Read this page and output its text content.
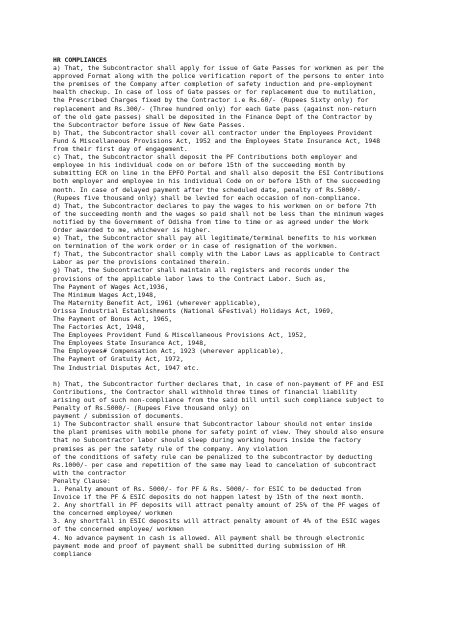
HR COMPLIANCES
a) That, the Subcontractor shall apply for issue of Gate Passes for workmen as per the
approved Format along with the police verification report of the persons to enter into
the premises of the Company after completion of safety induction and pre-employment
health checkup. In case of loss of Gate passes or for replacement due to mutilation,
the Prescribed Charges fixed by the Contractor i.e Rs.60/- (Rupees Sixty only) for
replacement and Rs.300/- (Three hundred only) for each Gate pass (against non-return
of the old gate passes) shall be deposited in the Finance Dept of the Contractor by
the Subcontractor before issue of New Gate Passes.
b) That, the Subcontractor shall cover all contractor under the Employees Provident
Fund & Miscellaneous Provisions Act, 1952 and the Employees State Insurance Act, 1948
from their first day of engagement.
c) That, the Subcontractor shall deposit the PF Contributions both employer and
employee in his individual code on or before 15th of the succeeding month by
submitting ECR on line in the EPFO Portal and shall also deposit the ESI Contributions
both employer and employee in his individual Code on or before 15th of the succeeding
month. In case of delayed payment after the scheduled date, penalty of Rs.5000/-
(Rupees five thousand only) shall be levied for each occasion of non-compliance.
d) That, the Subcontractor declares to pay the wages to his workmen on or before 7th
of the succeeding month and the wages so paid shall not be less than the minimum wages
notified by the Government of Odisha from time to time or as agreed under the Work
Order awarded to me, whichever is higher.
e) That, the Subcontractor shall pay all legitimate/terminal benefits to his workmen
on termination of the work order or in case of resignation of the workmen.
f) That, the Subcontractor shall comply with the Labor Laws as applicable to Contract
Labor as per the provisions contained therein.
g) That, the Subcontractor shall maintain all registers and records under the
provisions of the applicable labor laws to the Contract Labor. Such as,
The Payment of Wages Act,1936,
The Minimum Wages Act,1948,
The Maternity Benefit Act, 1961 (wherever applicable),
Orissa Industrial Establishments (National &Festival) Holidays Act, 1969,
The Payment of Bonus Act, 1965,
The Factories Act, 1948,
The Employees Provident Fund & Miscellaneous Provisions Act, 1952,
The Employees State Insurance Act, 1948,
The Employees# Compensation Act, 1923 (wherever applicable),
The Payment of Gratuity Act, 1972,
The Industrial Disputes Act, 1947 etc.
h) That, the Subcontractor further declares that, in case of non-payment of PF and ESI
Contributions, the Contractor shall withhold three times of financial liability
arising out of such non-compliance from the said bill until such compliance subject to
Penalty of Rs.5000/- (Rupees Five thousand only) on
payment / submission of documents.
i) The Subcontractor shall ensure that Subcontractor labour should not enter inside
the plant premises with mobile phone for safety point of view. They should also ensure
that no Subcontractor labor should sleep during working hours inside the factory
premises as per the safety rule of the company. Any violation
of the conditions of safety rule can be penalized to the subcontractor by deducting
Rs.1000/- per case and repetition of the same may lead to cancelation of subcontract
with the contractor
Penalty Clause:
1. Penalty amount of Rs. 5000/- for PF & Rs. 5000/- for ESIC to be deducted from
Invoice if the PF & ESIC deposits do not happen latest by 15th of the next month.
2. Any shortfall in PF deposits will attract penalty amount of 25% of the PF wages of
the concerned employee/ workmen
3. Any shortfall in ESIC deposits will attract penalty amount of 4% of the ESIC wages
of the concerned employee/ workmen
4. No advance payment in cash is allowed. All payment shall be through electronic
payment mode and proof of payment shall be submitted during submission of HR
compliance
